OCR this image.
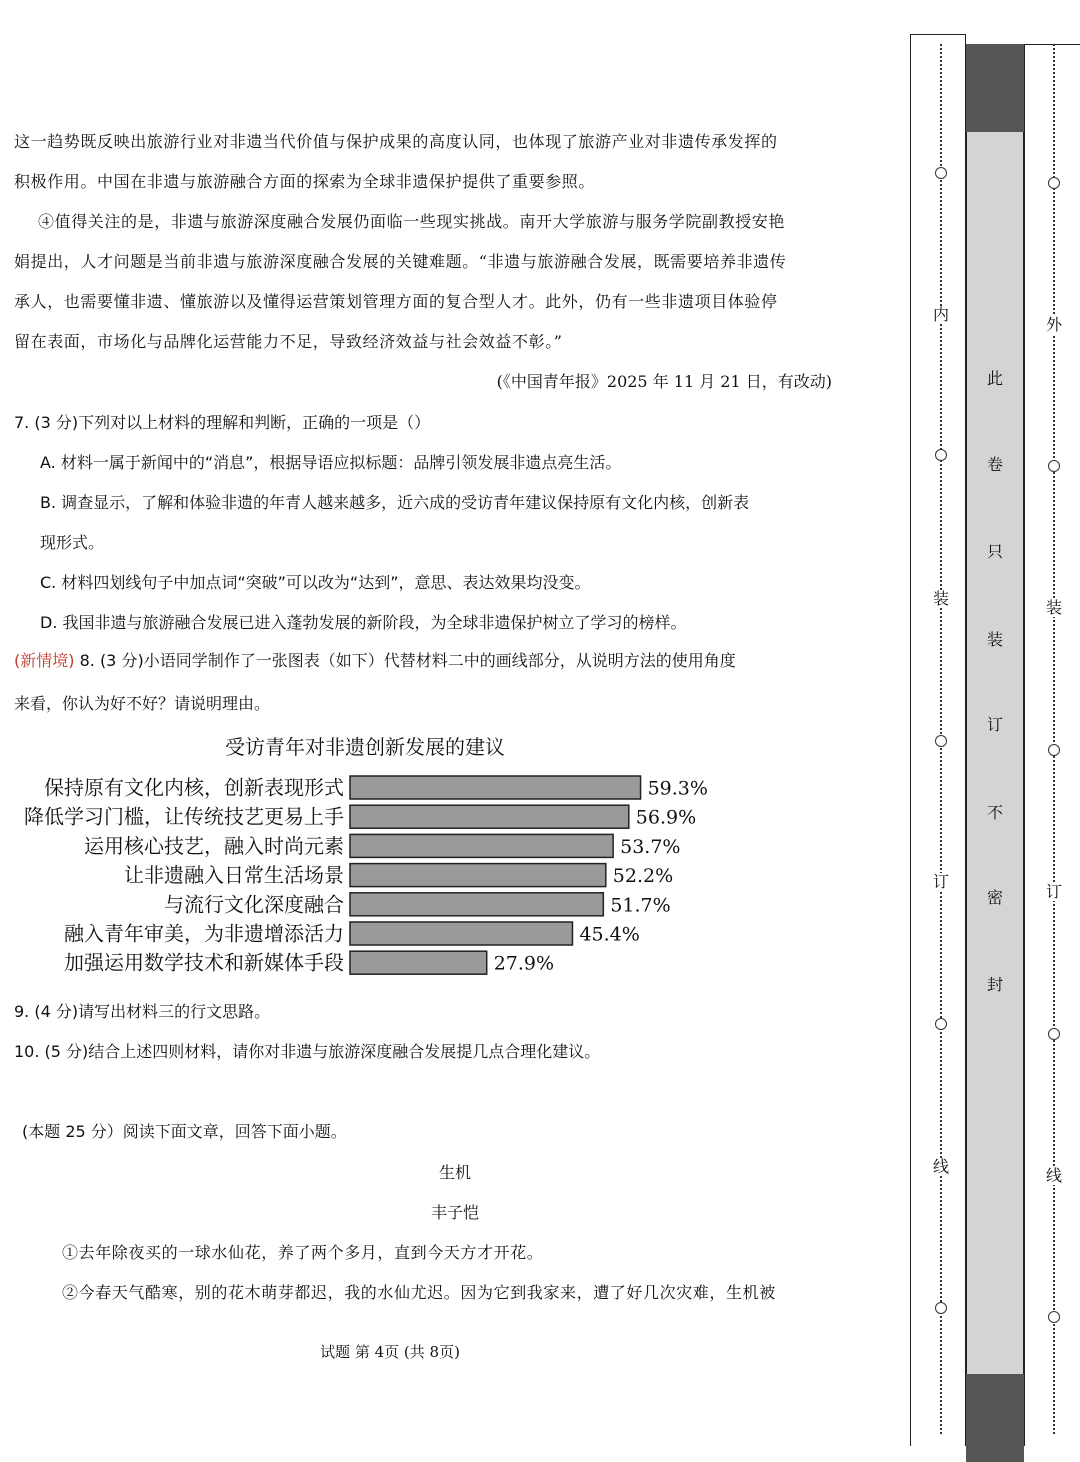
这一趋势既反映出旅游行业对非遗当代价值与保护成果的高度认同，也体现了旅游产业对非遗传承发挥的
积极作用。中国在非遗与旅游融合方面的探索为全球非遗保护提供了重要参照。
④值得关注的是，非遗与旅游深度融合发展仍面临一些现实挑战。南开大学旅游与服务学院副教授安艳
娟提出，人才问题是当前非遗与旅游深度融合发展的关键难题。“非遗与旅游融合发展，既需要培养非遗传
承人，也需要懂非遗、懂旅游以及懂得运营策划管理方面的复合型人才。此外，仍有一些非遗项目体验停
留在表面，市场化与品牌化运营能力不足，导致经济效益与社会效益不彰。”
(《中国青年报》2025 年 11 月 21 日，有改动)
7. (3 分)下列对以上材料的理解和判断，正确的一项是（）
A. 材料一属于新闻中的“消息”，根据导语应拟标题：品牌引领发展非遗点亮生活。
B. 调查显示，了解和体验非遗的年青人越来越多，近六成的受访青年建议保持原有文化内核，创新表
现形式。
C. 材料四划线句子中加点词“突破”可以改为“达到”，意思、表达效果均没变。
D. 我国非遗与旅游融合发展已进入蓬勃发展的新阶段，为全球非遗保护树立了学习的榜样。
(新情境) 8. (3 分)小语同学制作了一张图表（如下）代替材料二中的画线部分，从说明方法的使用角度
来看，你认为好不好？请说明理由。
受访青年对非遗创新发展的建议
保持原有文化内核，创新表现形式	59.3%
降低学习门槛，让传统技艺更易上手	56.9%
运用核心技艺，融入时尚元素	53.7%
让非遗融入日常生活场景	52.2%
与流行文化深度融合	51.7%
融入青年审美，为非遗增添活力	45.4%
加强运用数学技术和新媒体手段	27.9%
9. (4 分)请写出材料三的行文思路。
10. (5 分)结合上述四则材料，请你对非遗与旅游深度融合发展提几点合理化建议。
(本题 25 分）阅读下面文章，回答下面小题。
生机
丰子恺
①去年除夜买的一球水仙花，养了两个多月，直到今天方才开花。
②今春天气酷寒，别的花木萌芽都迟，我的水仙尤迟。因为它到我家来，遭了好几次灾难，生机被
试题 第 4页 (共 8页)
内
装
订
线
外
装
订
线
此
卷
只
装
订
不
密
封
